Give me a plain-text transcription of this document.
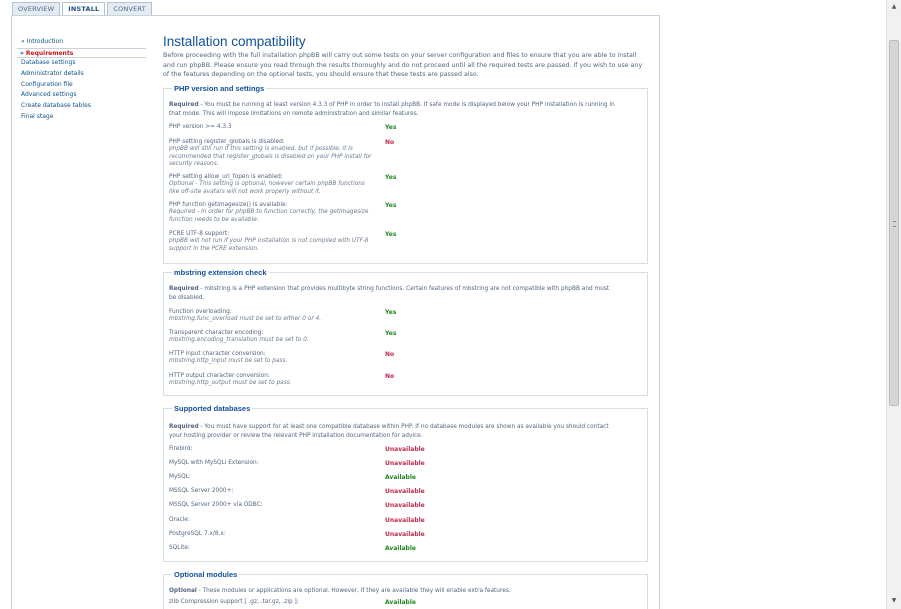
OVERVIEW	INSTALL	CONVERT
» Introduction
» Requirements
Database settings
Administrator details
Configuration file
Advanced settings
Create database tables
Final stage
Installation compatibility

Before proceeding with the full installation phpBB will carry out some tests on your server configuration and files to ensure that you are able to install and run phpBB. Please ensure you read through the results thoroughly and do not proceed until all the required tests are passed. If you wish to use any of the features depending on the optional tests, you should ensure that these tests are passed also.

PHP version and settings

Required - You must be running at least version 4.3.3 of PHP in order to install phpBB. If safe mode is displayed below your PHP installation is running in that mode. This will impose limitations on remote administration and similar features.

PHP version >= 4.3.3	Yes
PHP setting register_globals is disabled:
phpBB will still run if this setting is enabled, but if possible, it is recommended that register_globals is disabled on your PHP install for security reasons.
No
PHP setting allow_url_fopen is enabled:
Optional - This setting is optional, however certain phpBB functions like off-site avatars will not work properly without it.
Yes
PHP function getimagesize() is available:
Required - In order for phpBB to function correctly, the getimagesize function needs to be available.
Yes
PCRE UTF-8 support:
phpBB will not run if your PHP installation is not compiled with UTF-8 support in the PCRE extension.
Yes
mbstring extension check

Required - mbstring is a PHP extension that provides multibyte string functions. Certain features of mbstring are not compatible with phpBB and must be disabled.

Function overloading:
mbstring.func_overload must be set to either 0 or 4.
Yes
Transparent character encoding:
mbstring.encoding_translation must be set to 0.
Yes
HTTP input character conversion:
mbstring.http_input must be set to pass.
No
HTTP output character conversion:
mbstring.http_output must be set to pass.
No
Supported databases

Required - You must have support for at least one compatible database within PHP. If no database modules are shown as available you should contact your hosting provider or review the relevant PHP installation documentation for advice.

Firebird:	Unavailable
MySQL with MySQLi Extension:	Unavailable
MySQL:	Available
MSSQL Server 2000+:	Unavailable
MSSQL Server 2000+ via ODBC:	Unavailable
Oracle:	Unavailable
PostgreSQL 7.x/8.x:	Unavailable
SQLite:	Available
Optional modules

Optional - These modules or applications are optional. However, if they are available they will enable extra features.

zlib Compression support [ .gz, .tar.gz, .zip ]:	Available
▲
▼
